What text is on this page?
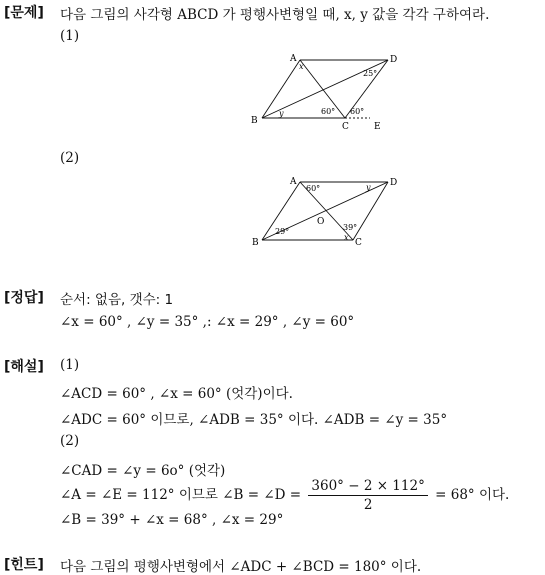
[문제] 다음 그림의 사각형 ABCD 가 평행사변형일 때, x, y 값을 각각 구하여라.
(1)
A	D
B
C	E
x
y
25°
60° 60°
(2)
A	D
B	C
O
y
x
60°
29°	39°
[정답] 순서: 없음, 갯수: 1
∠x = 60° , ∠y = 35° ,: ∠x = 29° , ∠y = 60°
[해설] (1)
∠ACD = 60° , ∠x = 60° (엇각)이다.
∠ADC = 60° 이므로, ∠ADB = 35° 이다. ∠ADB = ∠y = 35°
(2)
∠CAD = ∠y = 6o° (엇각)
∠A = ∠E = 112° 이므로 ∠B = ∠D = $\frac{360^\circ - 2 \times 112^\circ}{2} = 68^\circ$ 이다.
∠B = 39° + ∠x = 68° , ∠x = 29°
[힌트] 다음 그림의 평행사변형에서 ∠ADC + ∠BCD = 180° 이다.
